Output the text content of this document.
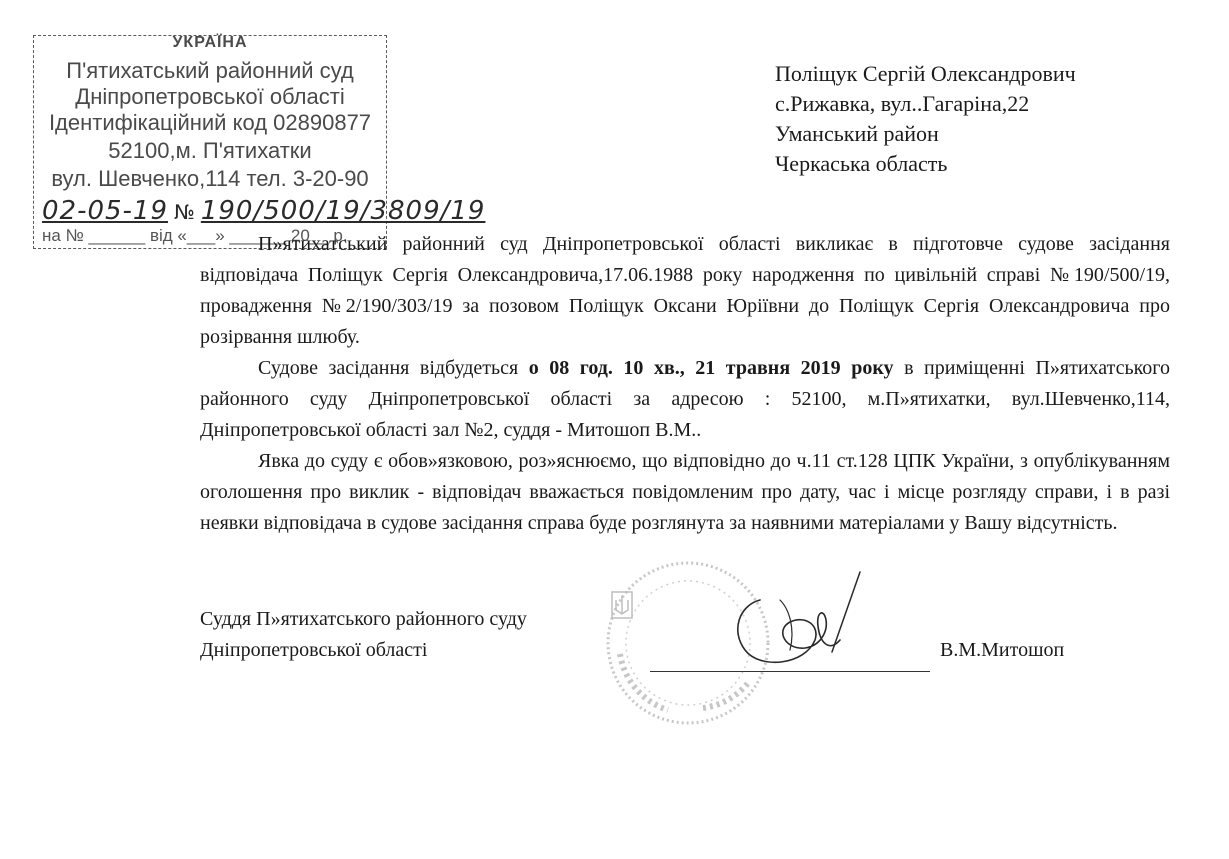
УКРАЇНА
П'ятихатський районний суд
Дніпропетровської області
Ідентифікаційний код 02890877
52100,м. П'ятихатки
вул. Шевченко,114 тел. 3-20-90
02-05-19 № 190/500/19/3809/19
на № ______ від «___» ______ 20__ р.
Поліщук Сергій Олександрович
с.Рижавка, вул..Гагаріна,22
Уманський район
Черкаська область

П»ятихатський районний суд Дніпропетровської області викликає в підготовче судове засідання відповідача Поліщук Сергія Олександровича,17.06.1988 року народження по цивільній справі №190/500/19, провадження №2/190/303/19 за позовом Поліщук Оксани Юріївни до Поліщук Сергія Олександровича про розірвання шлюбу.

Судове засідання відбудеться о 08 год. 10 хв., 21 травня 2019 року в приміщенні П»ятихатського районного суду Дніпропетровської області за адресою : 52100, м.П»ятихатки, вул.Шевченко,114, Дніпропетровської області зал №2, суддя - Митошоп В.М..

Явка до суду є обов»язковою, роз»яснюємо, що відповідно до ч.11 ст.128 ЦПК України, з опублікуванням оголошення про виклик - відповідач вважається повідомленим про дату, час і місце розгляду справи, і в разі неявки відповідача в судове засідання справа буде розглянута за наявними матеріалами у Вашу відсутність.

Суддя П»ятихатського районного суду
Дніпропетровської області	В.М.Митошоп
